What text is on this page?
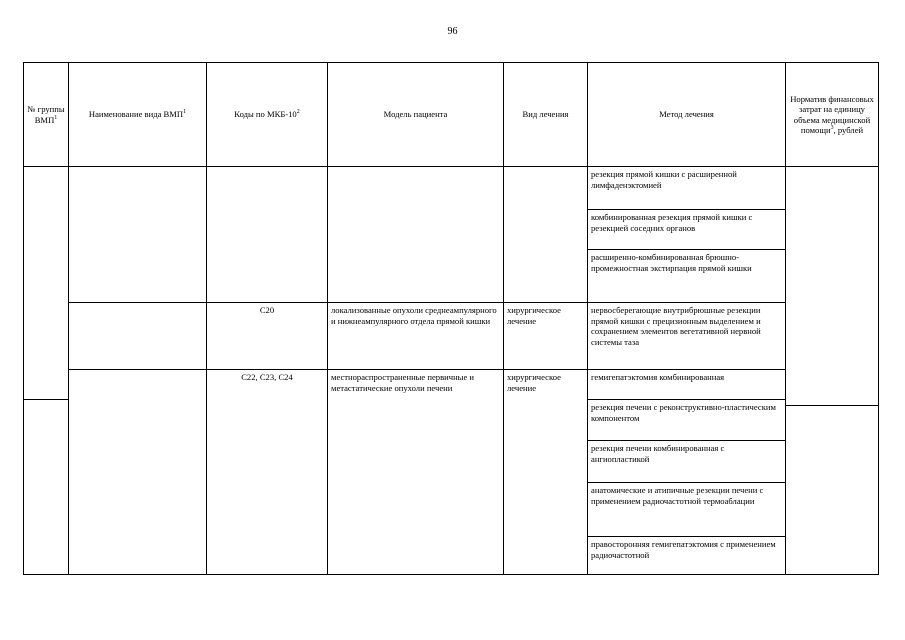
96
№ группы ВМП$^1$	Наименование вида ВМП$^1$	Коды по МКБ-$10^2$	Модель пациента	Вид лечения	Метод лечения	Норматив финансовых затрат на единицу объема медицинской помощи$^3$, рублей

					резекция прямой кишки с расширенной лимфаденэктомией	

					комбинированная резекция прямой кишки с резекцией соседних органов	
					расширенно-комбинированная брюшно-промежностная экстирпация прямой кишки	
		С20	локализованные опухоли среднеампулярного и нижнеампулярного отдела прямой кишки	хирургическое лечение	нервосберегающие внутрибрюшные резекции прямой кишки с прецизионным выделением и сохранением элементов вегетативной нервной системы таза	
		С22, С23, С24	местнораспространенные первичные и метастатические опухоли печени	хирургическое лечение	гемигепатэктомия комбинированная	
					резекция печени с реконструктивно-пластическим компонентом	
					резекция печени комбинированная с ангиопластикой	
					анатомические и атипичные резекции печени с применением радиочастотной термоаблации	
					правосторонняя гемигепатэктомия с применением радиочастотной	
